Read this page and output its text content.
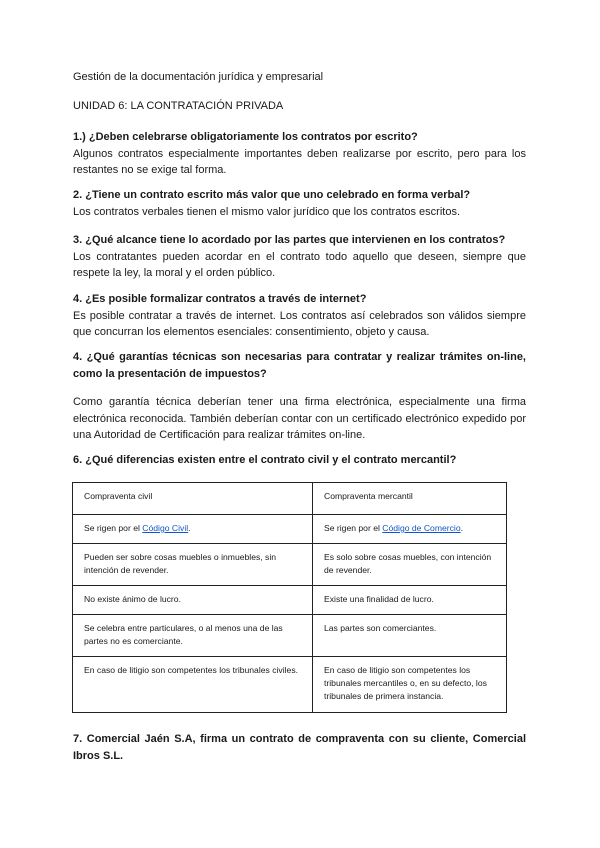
Gestión de la documentación jurídica y empresarial
UNIDAD 6: LA CONTRATACIÓN PRIVADA
1.) ¿Deben celebrarse obligatoriamente los contratos por escrito?
Algunos contratos especialmente importantes deben realizarse por escrito, pero para los restantes no se exige tal forma.
2. ¿Tiene un contrato escrito más valor que uno celebrado en forma verbal?
Los contratos verbales tienen el mismo valor jurídico que los contratos escritos.
3. ¿Qué alcance tiene lo acordado por las partes que intervienen en los contratos?
Los contratantes pueden acordar en el contrato todo aquello que deseen, siempre que respete la ley, la moral y el orden público.
4. ¿Es posible formalizar contratos a través de internet?
Es posible contratar a través de internet. Los contratos así celebrados son válidos siempre que concurran los elementos esenciales: consentimiento, objeto y causa.
4. ¿Qué garantías técnicas son necesarias para contratar y realizar trámites on-line, como la presentación de impuestos?
Como garantía técnica deberían tener una firma electrónica, especialmente una firma electrónica reconocida. También deberían contar con un certificado electrónico expedido por una Autoridad de Certificación para realizar trámites on-line.
6. ¿Qué diferencias existen entre el contrato civil y el contrato mercantil?
Compraventa civil	Compraventa mercantil
Se rigen por el Código Civil.	Se rigen por el Código de Comercio.
Pueden ser sobre cosas muebles o inmuebles, sin intención de revender.	Es solo sobre cosas muebles, con intención de revender.
No existe ánimo de lucro.	Existe una finalidad de lucro.
Se celebra entre particulares, o al menos una de las partes no es comerciante.	Las partes son comerciantes.
En caso de litigio son competentes los tribunales civiles.	En caso de litigio son competentes los tribunales mercantiles o, en su defecto, los tribunales de primera instancia.
7. Comercial Jaén S.A, firma un contrato de compraventa con su cliente, Comercial Ibros S.L.
